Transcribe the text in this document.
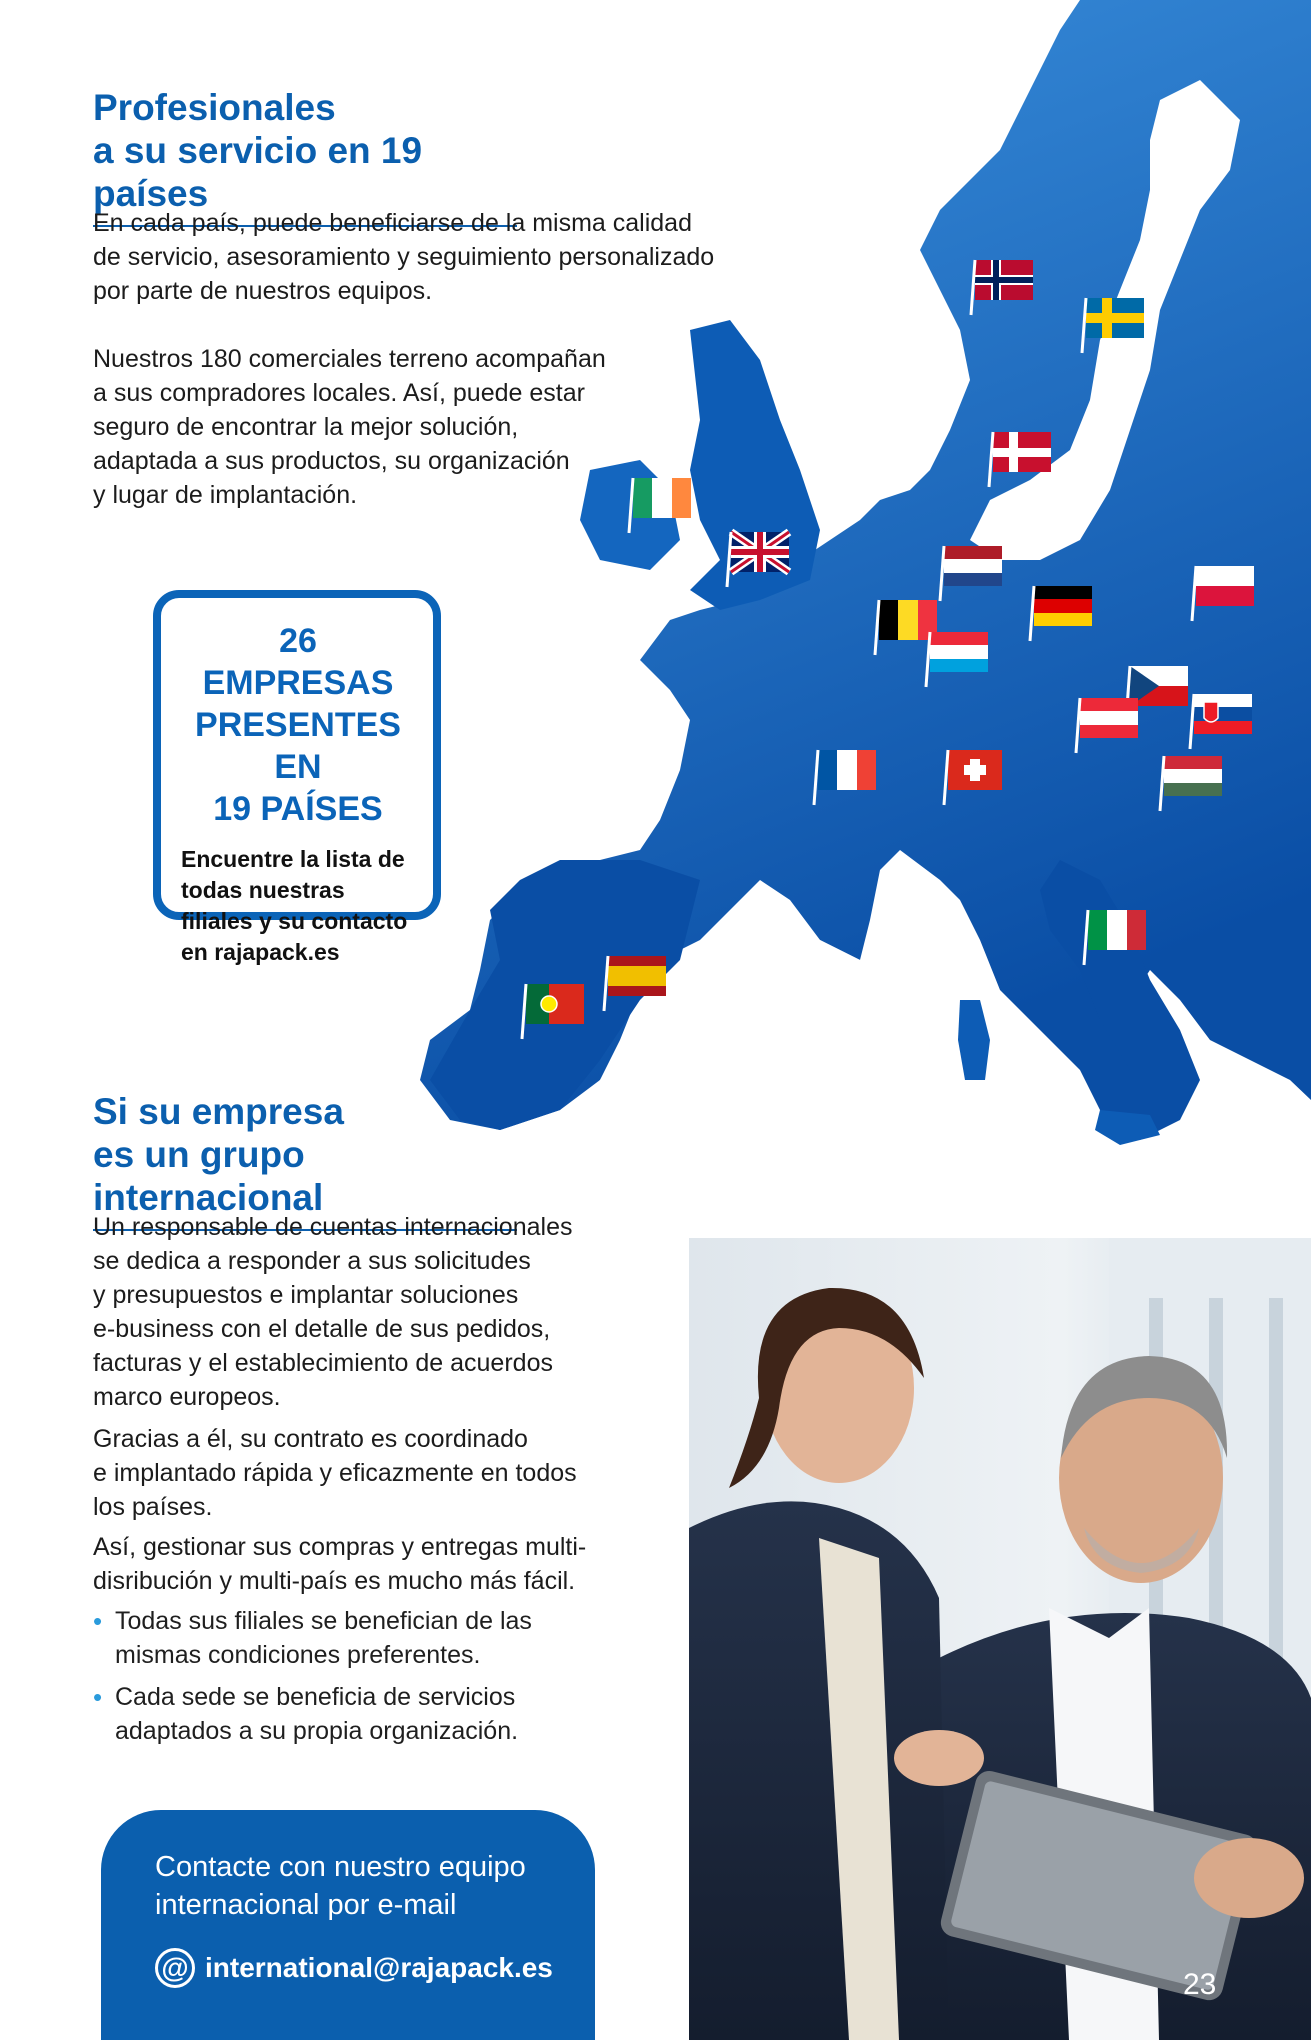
Profesionales
a su servicio en 19 países

En cada país, puede beneficiarse de la misma calidad
de servicio, asesoramiento y seguimiento personalizado
por parte de nuestros equipos.

Nuestros 180 comerciales terreno acompañan
a sus compradores locales. Así, puede estar
seguro de encontrar la mejor solución,
adaptada a sus productos, su organización
y lugar de implantación.

26 EMPRESAS
PRESENTES EN
19 PAÍSES
Encuentre la lista de
todas nuestras
filiales y su contacto
en rajapack.es
Si su empresa
es un grupo internacional

Un responsable de cuentas internacionales
se dedica a responder a sus solicitudes
y presupuestos e implantar soluciones
e-business con el detalle de sus pedidos,
facturas y el establecimiento de acuerdos
marco europeos.

Gracias a él, su contrato es coordinado
e implantado rápida y eficazmente en todos
los países.

Así, gestionar sus compras y entregas multi-
disribución y multi-país es mucho más fácil.

• Todas sus filiales se benefician de las
mismas condiciones preferentes.
• Cada sede se beneficia de servicios
adaptados a su propia organización.
Contacte con nuestro equipo
internacional por e-mail
@ international@rajapack.es
23
